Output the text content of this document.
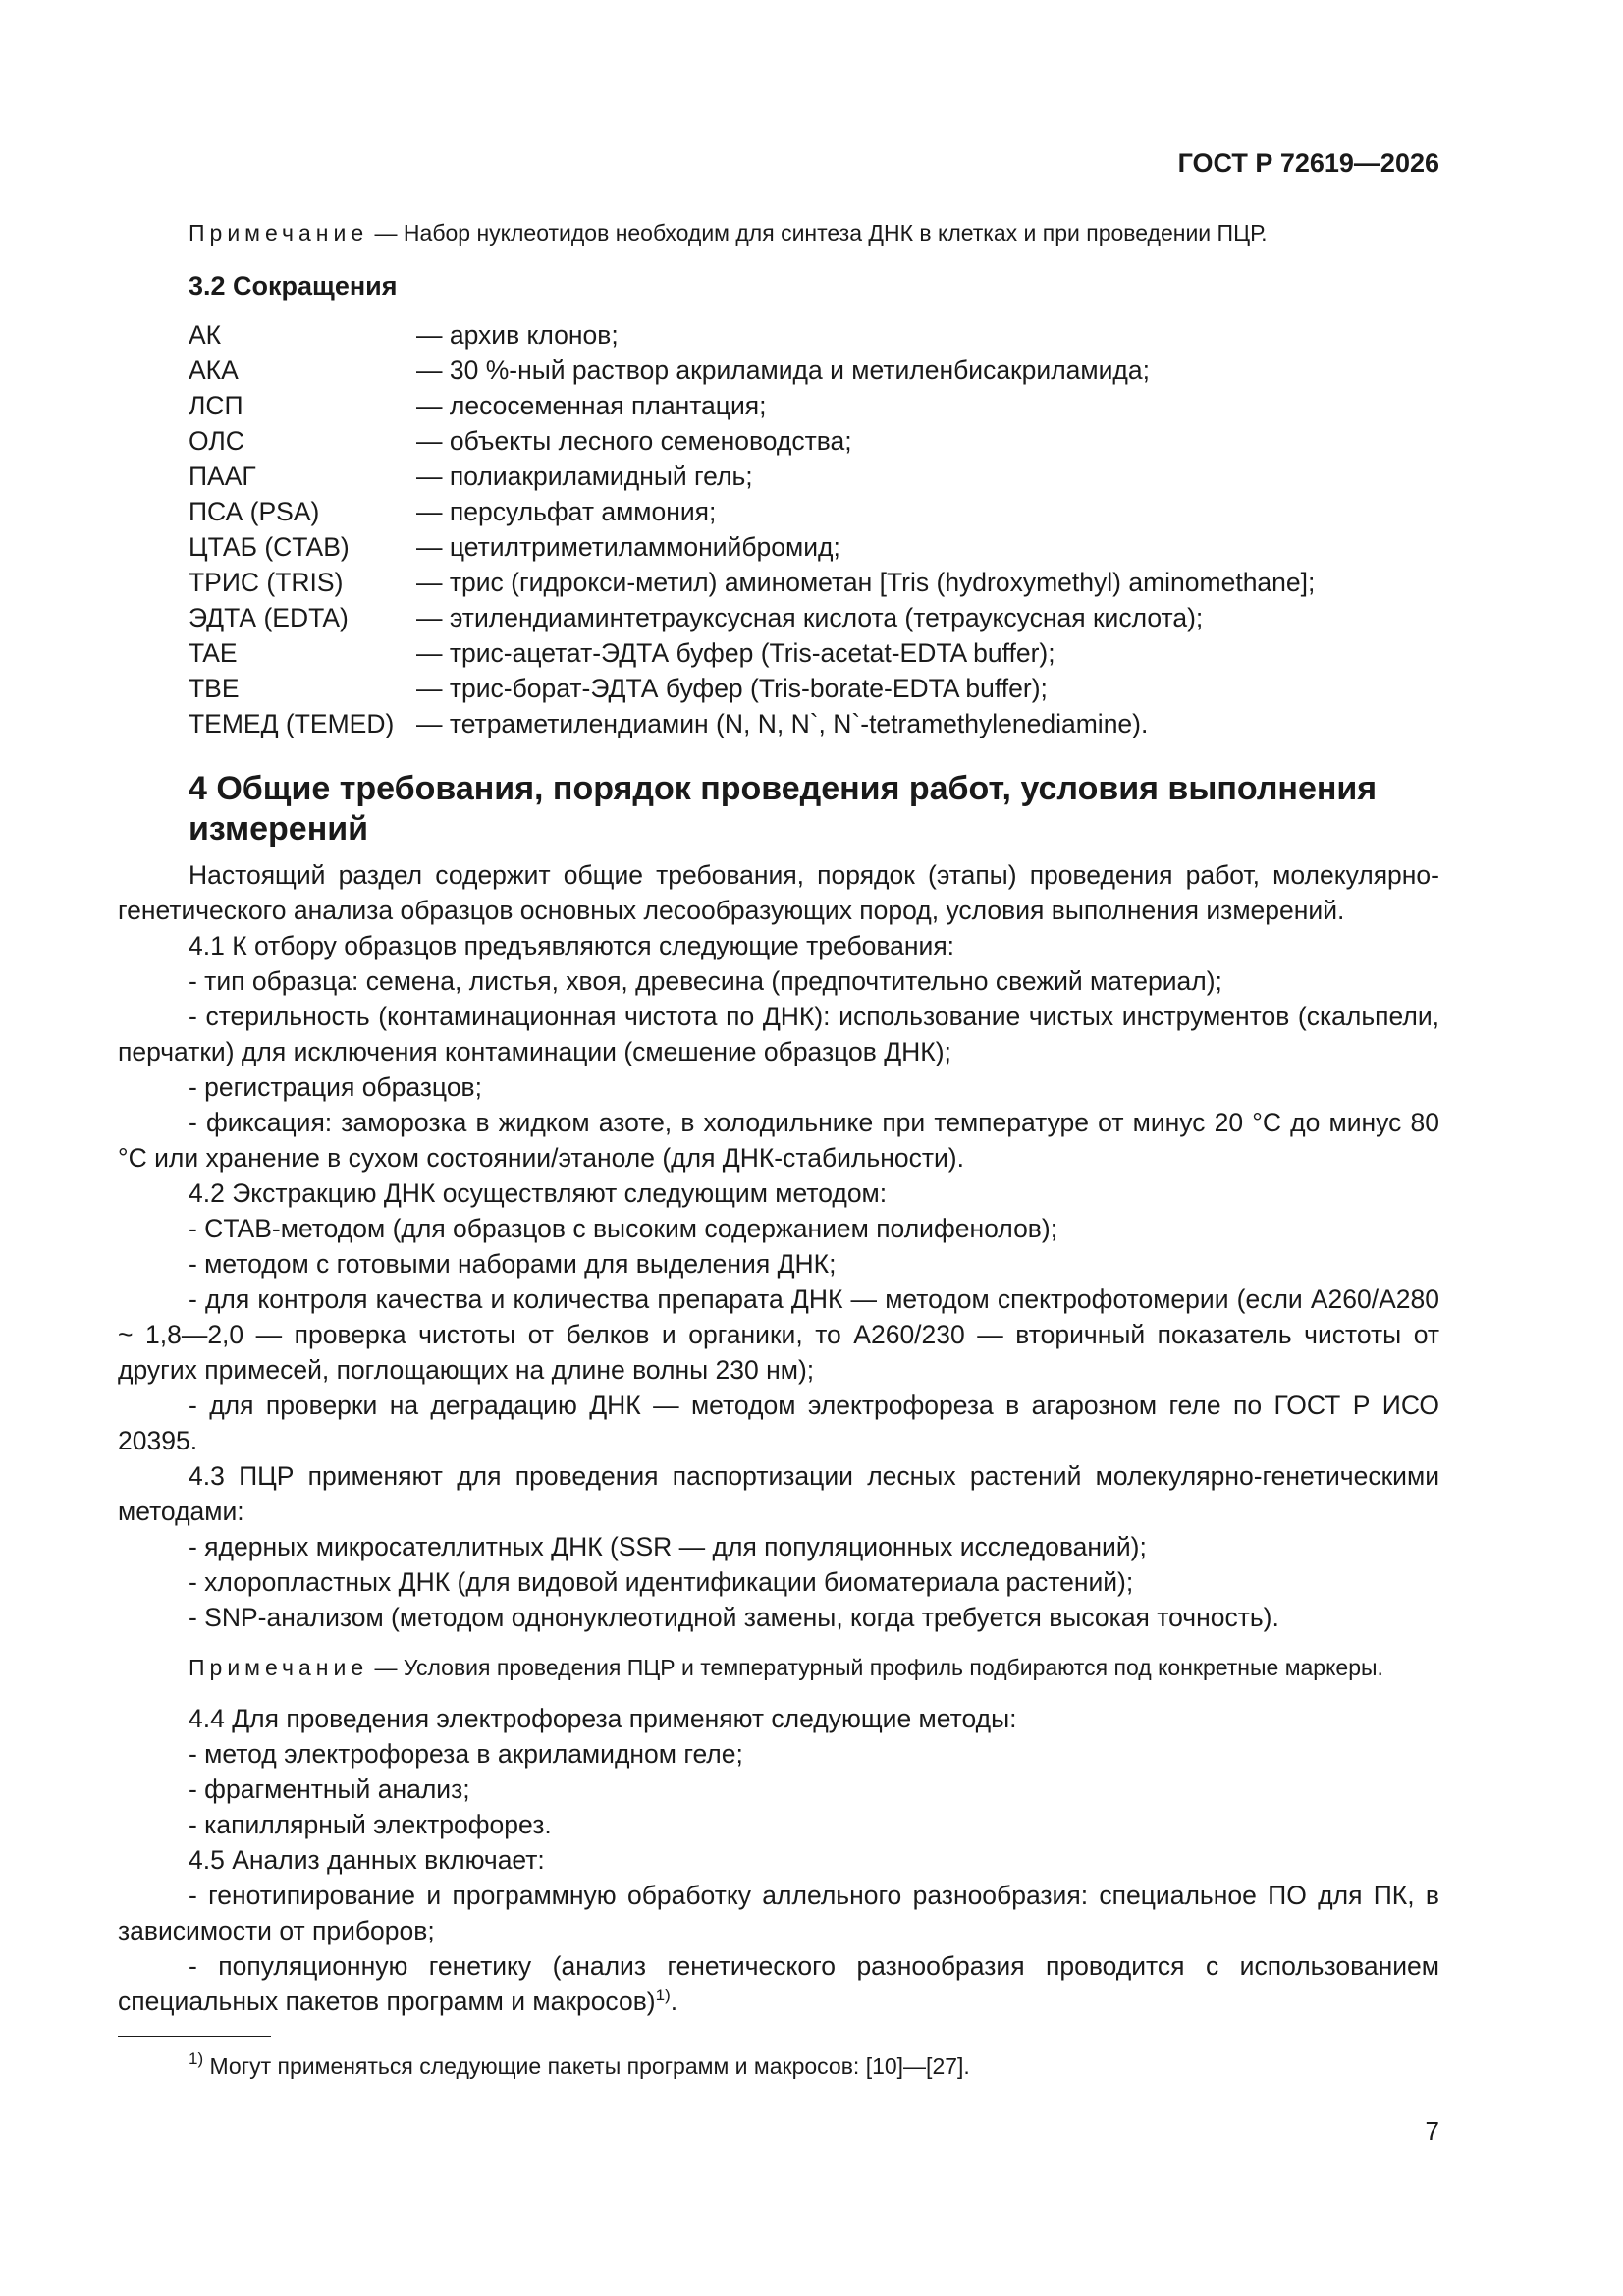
ГОСТ Р 72619—2026

Примечание — Набор нуклеотидов необходим для синтеза ДНК в клетках и при проведении ПЦР.

3.2 Сокращения
АК	— архив клонов;
АКА	— 30 %-ный раствор акриламида и метиленбисакриламида;
ЛСП	— лесосеменная плантация;
ОЛС	— объекты лесного семеноводства;
ПААГ	— полиакриламидный гель;
ПСА (PSA)	— персульфат аммония;
ЦТАБ (CTAB)	— цетилтриметиламмонийбромид;
ТРИС (TRIS)	— трис (гидрокси-метил) аминометан [Tris (hydroxymethyl) aminomethane];
ЭДТА (EDTA)	— этилендиаминтетрауксусная кислота (тетрауксусная кислота);
TAE	— трис-ацетат-ЭДТА буфер (Tris-acetat-EDTA buffer);
TBE	— трис-борат-ЭДТА буфер (Tris-borate-EDTA buffer);
ТЕМЕД (TEMED) — тетраметилендиамин (N, N, N`, N`-tetramethylenediamine).
4 Общие требования, порядок проведения работ, условия выполнения измерений

Настоящий раздел содержит общие требования, порядок (этапы) проведения работ, молекулярно-генетического анализа образцов основных лесообразующих пород, условия выполнения измерений.

4.1 К отбору образцов предъявляются следующие требования:

- тип образца: семена, листья, хвоя, древесина (предпочтительно свежий материал);

- стерильность (контаминационная чистота по ДНК): использование чистых инструментов (скальпели, перчатки) для исключения контаминации (смешение образцов ДНК);

- регистрация образцов;

- фиксация: заморозка в жидком азоте, в холодильнике при температуре от минус 20 °С до минус 80 °С или хранение в сухом состоянии/этаноле (для ДНК-стабильности).

4.2 Экстракцию ДНК осуществляют следующим методом:

- CTAB-методом (для образцов с высоким содержанием полифенолов);

- методом с готовыми наборами для выделения ДНК;

- для контроля качества и количества препарата ДНК — методом спектрофотомерии (если A260/A280 ~ 1,8—2,0 — проверка чистоты от белков и органики, то A260/230 — вторичный показатель чистоты от других примесей, поглощающих на длине волны 230 нм);

- для проверки на деградацию ДНК — методом электрофореза в агарозном геле по ГОСТ Р ИСО 20395.

4.3 ПЦР применяют для проведения паспортизации лесных растений молекулярно-генетическими методами:

- ядерных микросателлитных ДНК (SSR — для популяционных исследований);

- хлоропластных ДНК (для видовой идентификации биоматериала растений);

- SNP-анализом (методом однонуклеотидной замены, когда требуется высокая точность).

Примечание — Условия проведения ПЦР и температурный профиль подбираются под конкретные маркеры.

4.4 Для проведения электрофореза применяют следующие методы:

- метод электрофореза в акриламидном геле;

- фрагментный анализ;

- капиллярный электрофорез.

4.5 Анализ данных включает:

- генотипирование и программную обработку аллельного разнообразия: специальное ПО для ПК, в зависимости от приборов;

- популяционную генетику (анализ генетического разнообразия проводится с использованием специальных пакетов программ и макросов)$^{1)}$.

$^{1)}$ Могут применяться следующие пакеты программ и макросов: [10]—[27].
7
